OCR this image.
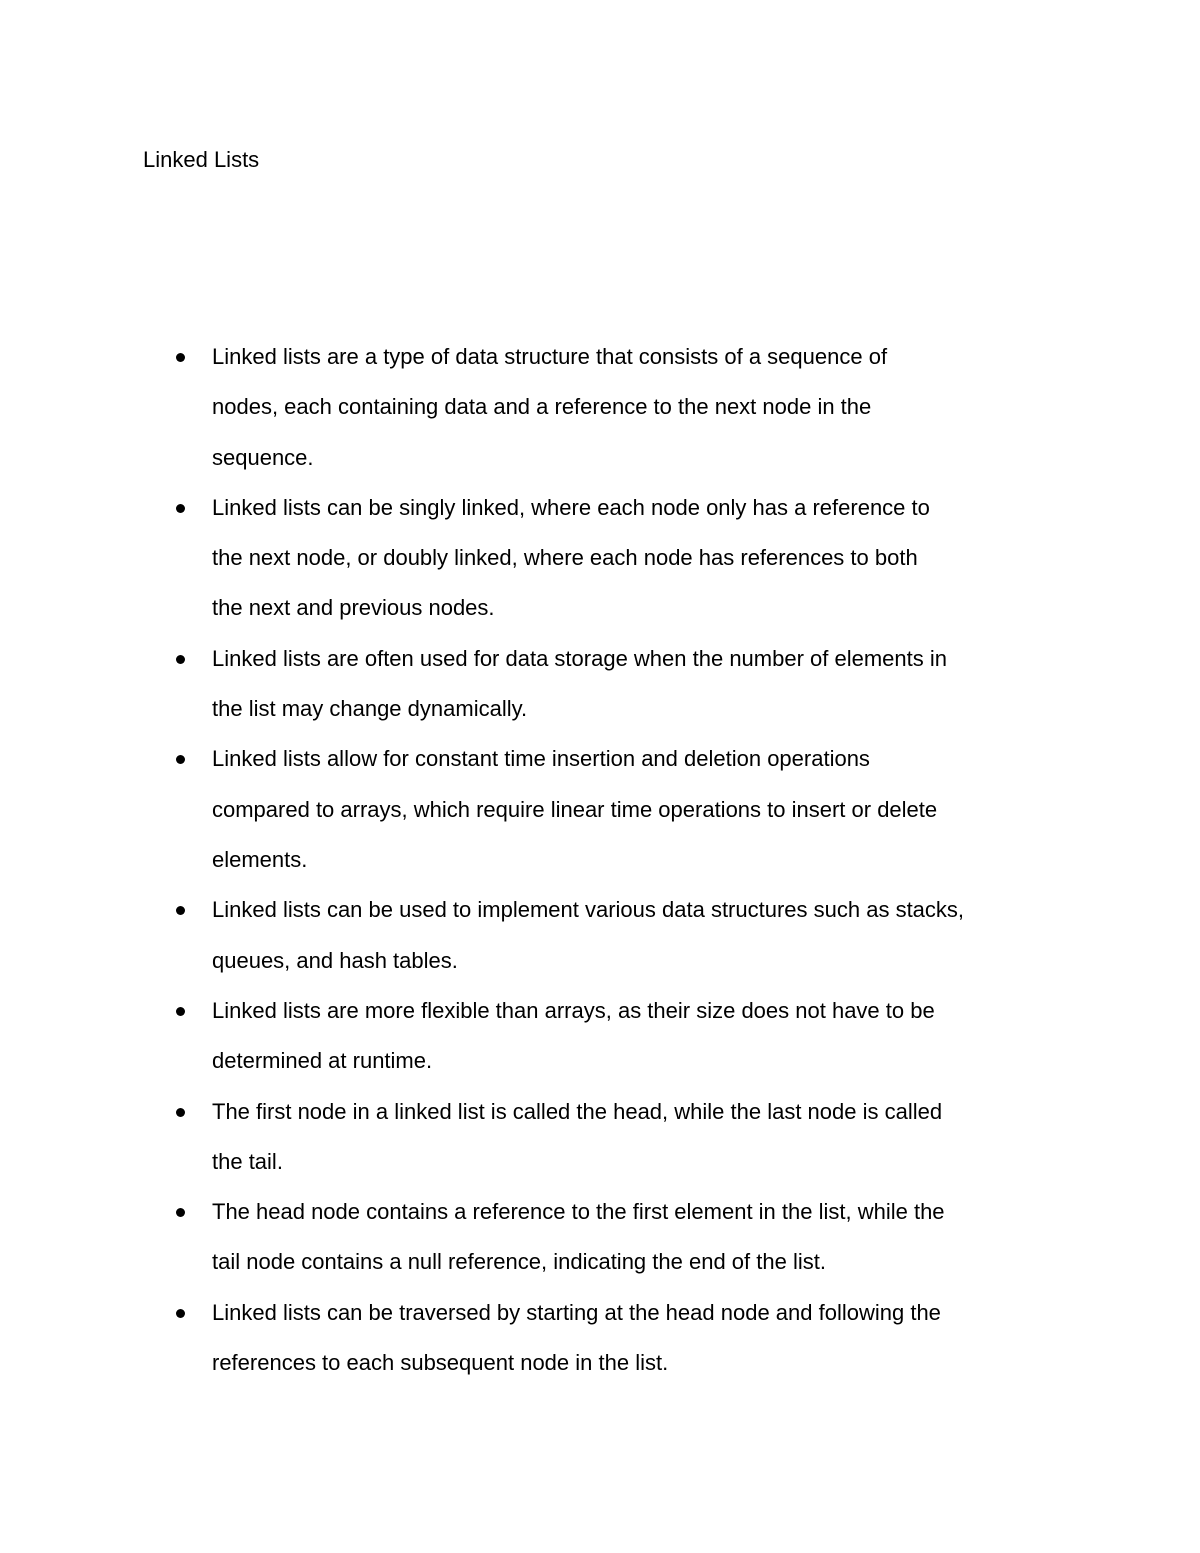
Linked Lists

Linked lists are a type of data structure that consists of a sequence of
nodes, each containing data and a reference to the next node in the
sequence.

Linked lists can be singly linked, where each node only has a reference to
the next node, or doubly linked, where each node has references to both
the next and previous nodes.

Linked lists are often used for data storage when the number of elements in
the list may change dynamically.

Linked lists allow for constant time insertion and deletion operations
compared to arrays, which require linear time operations to insert or delete
elements.

Linked lists can be used to implement various data structures such as stacks,
queues, and hash tables.

Linked lists are more flexible than arrays, as their size does not have to be
determined at runtime.

The first node in a linked list is called the head, while the last node is called
the tail.

The head node contains a reference to the first element in the list, while the
tail node contains a null reference, indicating the end of the list.

Linked lists can be traversed by starting at the head node and following the
references to each subsequent node in the list.
